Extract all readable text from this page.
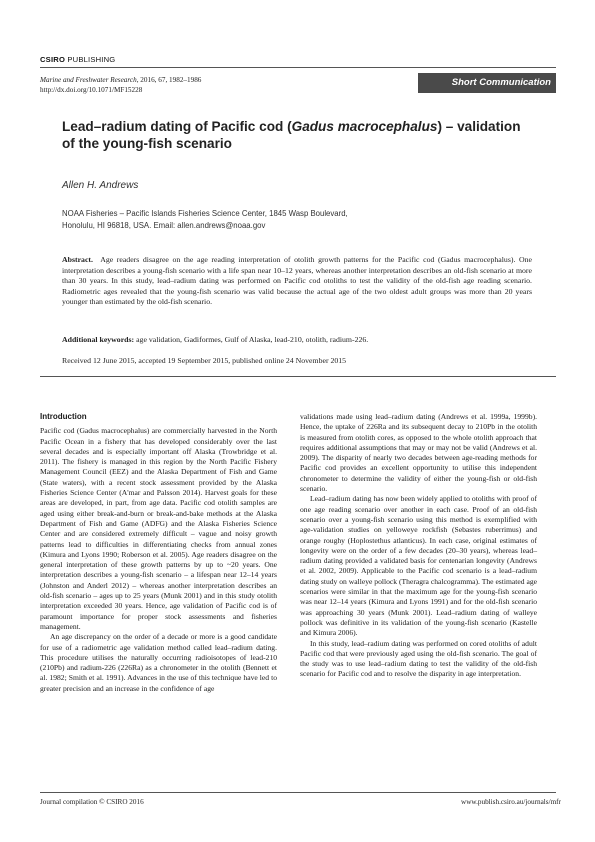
CSIRO PUBLISHING
Marine and Freshwater Research, 2016, 67, 1982–1986
http://dx.doi.org/10.1071/MF15228
Short Communication
Lead–radium dating of Pacific cod (Gadus macrocephalus) – validation of the young-fish scenario
Allen H. Andrews
NOAA Fisheries – Pacific Islands Fisheries Science Center, 1845 Wasp Boulevard,
Honolulu, HI 96818, USA. Email: allen.andrews@noaa.gov
Abstract. Age readers disagree on the age reading interpretation of otolith growth patterns for the Pacific cod (Gadus macrocephalus). One interpretation describes a young-fish scenario with a life span near 10–12 years, whereas another interpretation describes an old-fish scenario at more than 30 years. In this study, lead–radium dating was performed on Pacific cod otoliths to test the validity of the old-fish age reading scenario. Radiometric ages revealed that the young-fish scenario was valid because the actual age of the two oldest adult groups was more than 20 years younger than estimated by the old-fish scenario.
Additional keywords: age validation, Gadiformes, Gulf of Alaska, lead-210, otolith, radium-226.
Received 12 June 2015, accepted 19 September 2015, published online 24 November 2015
Introduction

Pacific cod (Gadus macrocephalus) are commercially harvested in the North Pacific Ocean in a fishery that has developed considerably over the last several decades and is especially important off Alaska (Trowbridge et al. 2011). The fishery is managed in this region by the North Pacific Fishery Management Council (EEZ) and the Alaska Department of Fish and Game (State waters), with a recent stock assessment provided by the Alaska Fisheries Science Center (A'mar and Palsson 2014). Harvest goals for these areas are developed, in part, from age data. Pacific cod otolith samples are aged using either break-and-burn or break-and-bake methods at the Alaska Department of Fish and Game (ADFG) and the Alaska Fisheries Science Center and are considered extremely difficult – vague and noisy growth patterns lead to difficulties in differentiating checks from annual zones (Kimura and Lyons 1990; Roberson et al. 2005). Age readers disagree on the general interpretation of these growth patterns by up to ~20 years. One interpretation describes a young-fish scenario – a lifespan near 12–14 years (Johnston and Anderl 2012) – whereas another interpretation describes an old-fish scenario – ages up to 25 years (Munk 2001) and in this study otolith interpretation exceeded 30 years. Hence, age validation of Pacific cod is of paramount importance for proper stock assessments and fisheries management.

An age discrepancy on the order of a decade or more is a good candidate for use of a radiometric age validation method called lead–radium dating. This procedure utilises the naturally occurring radioisotopes of lead-210 (210Pb) and radium-226 (226Ra) as a chronometer in the otolith (Bennett et al. 1982; Smith et al. 1991). Advances in the use of this technique have led to greater precision and an increase in the confidence of age

validations made using lead–radium dating (Andrews et al. 1999a, 1999b). Hence, the uptake of 226Ra and its subsequent decay to 210Pb in the otolith is measured from otolith cores, as opposed to the whole otolith approach that requires additional assumptions that may or may not be valid (Andrews et al. 2009). The disparity of nearly two decades between age-reading methods for Pacific cod provides an excellent opportunity to utilise this independent chronometer to determine the validity of either the young-fish or old-fish scenario.

Lead–radium dating has now been widely applied to otoliths with proof of one age reading scenario over another in each case. Proof of an old-fish scenario over a young-fish scenario using this method is exemplified with age-validation studies on yelloweye rockfish (Sebastes ruberrimus) and orange roughy (Hoplostethus atlanticus). In each case, original estimates of longevity were on the order of a few decades (20–30 years), whereas lead–radium dating provided a validated basis for centenarian longevity (Andrews et al. 2002, 2009). Applicable to the Pacific cod scenario is a lead–radium dating study on walleye pollock (Theragra chalcogramma). The estimated age scenarios were similar in that the maximum age for the young-fish scenario was near 12–14 years (Kimura and Lyons 1991) and for the old-fish scenario was approaching 30 years (Munk 2001). Lead–radium dating of walleye pollock was definitive in its validation of the young-fish scenario (Kastelle and Kimura 2006).

In this study, lead–radium dating was performed on cored otoliths of adult Pacific cod that were previously aged using the old-fish scenario. The goal of the study was to use lead–radium dating to test the validity of the old-fish scenario for Pacific cod and to resolve the disparity in age interpretation.

Journal compilation © CSIRO 2016	www.publish.csiro.au/journals/mfr
